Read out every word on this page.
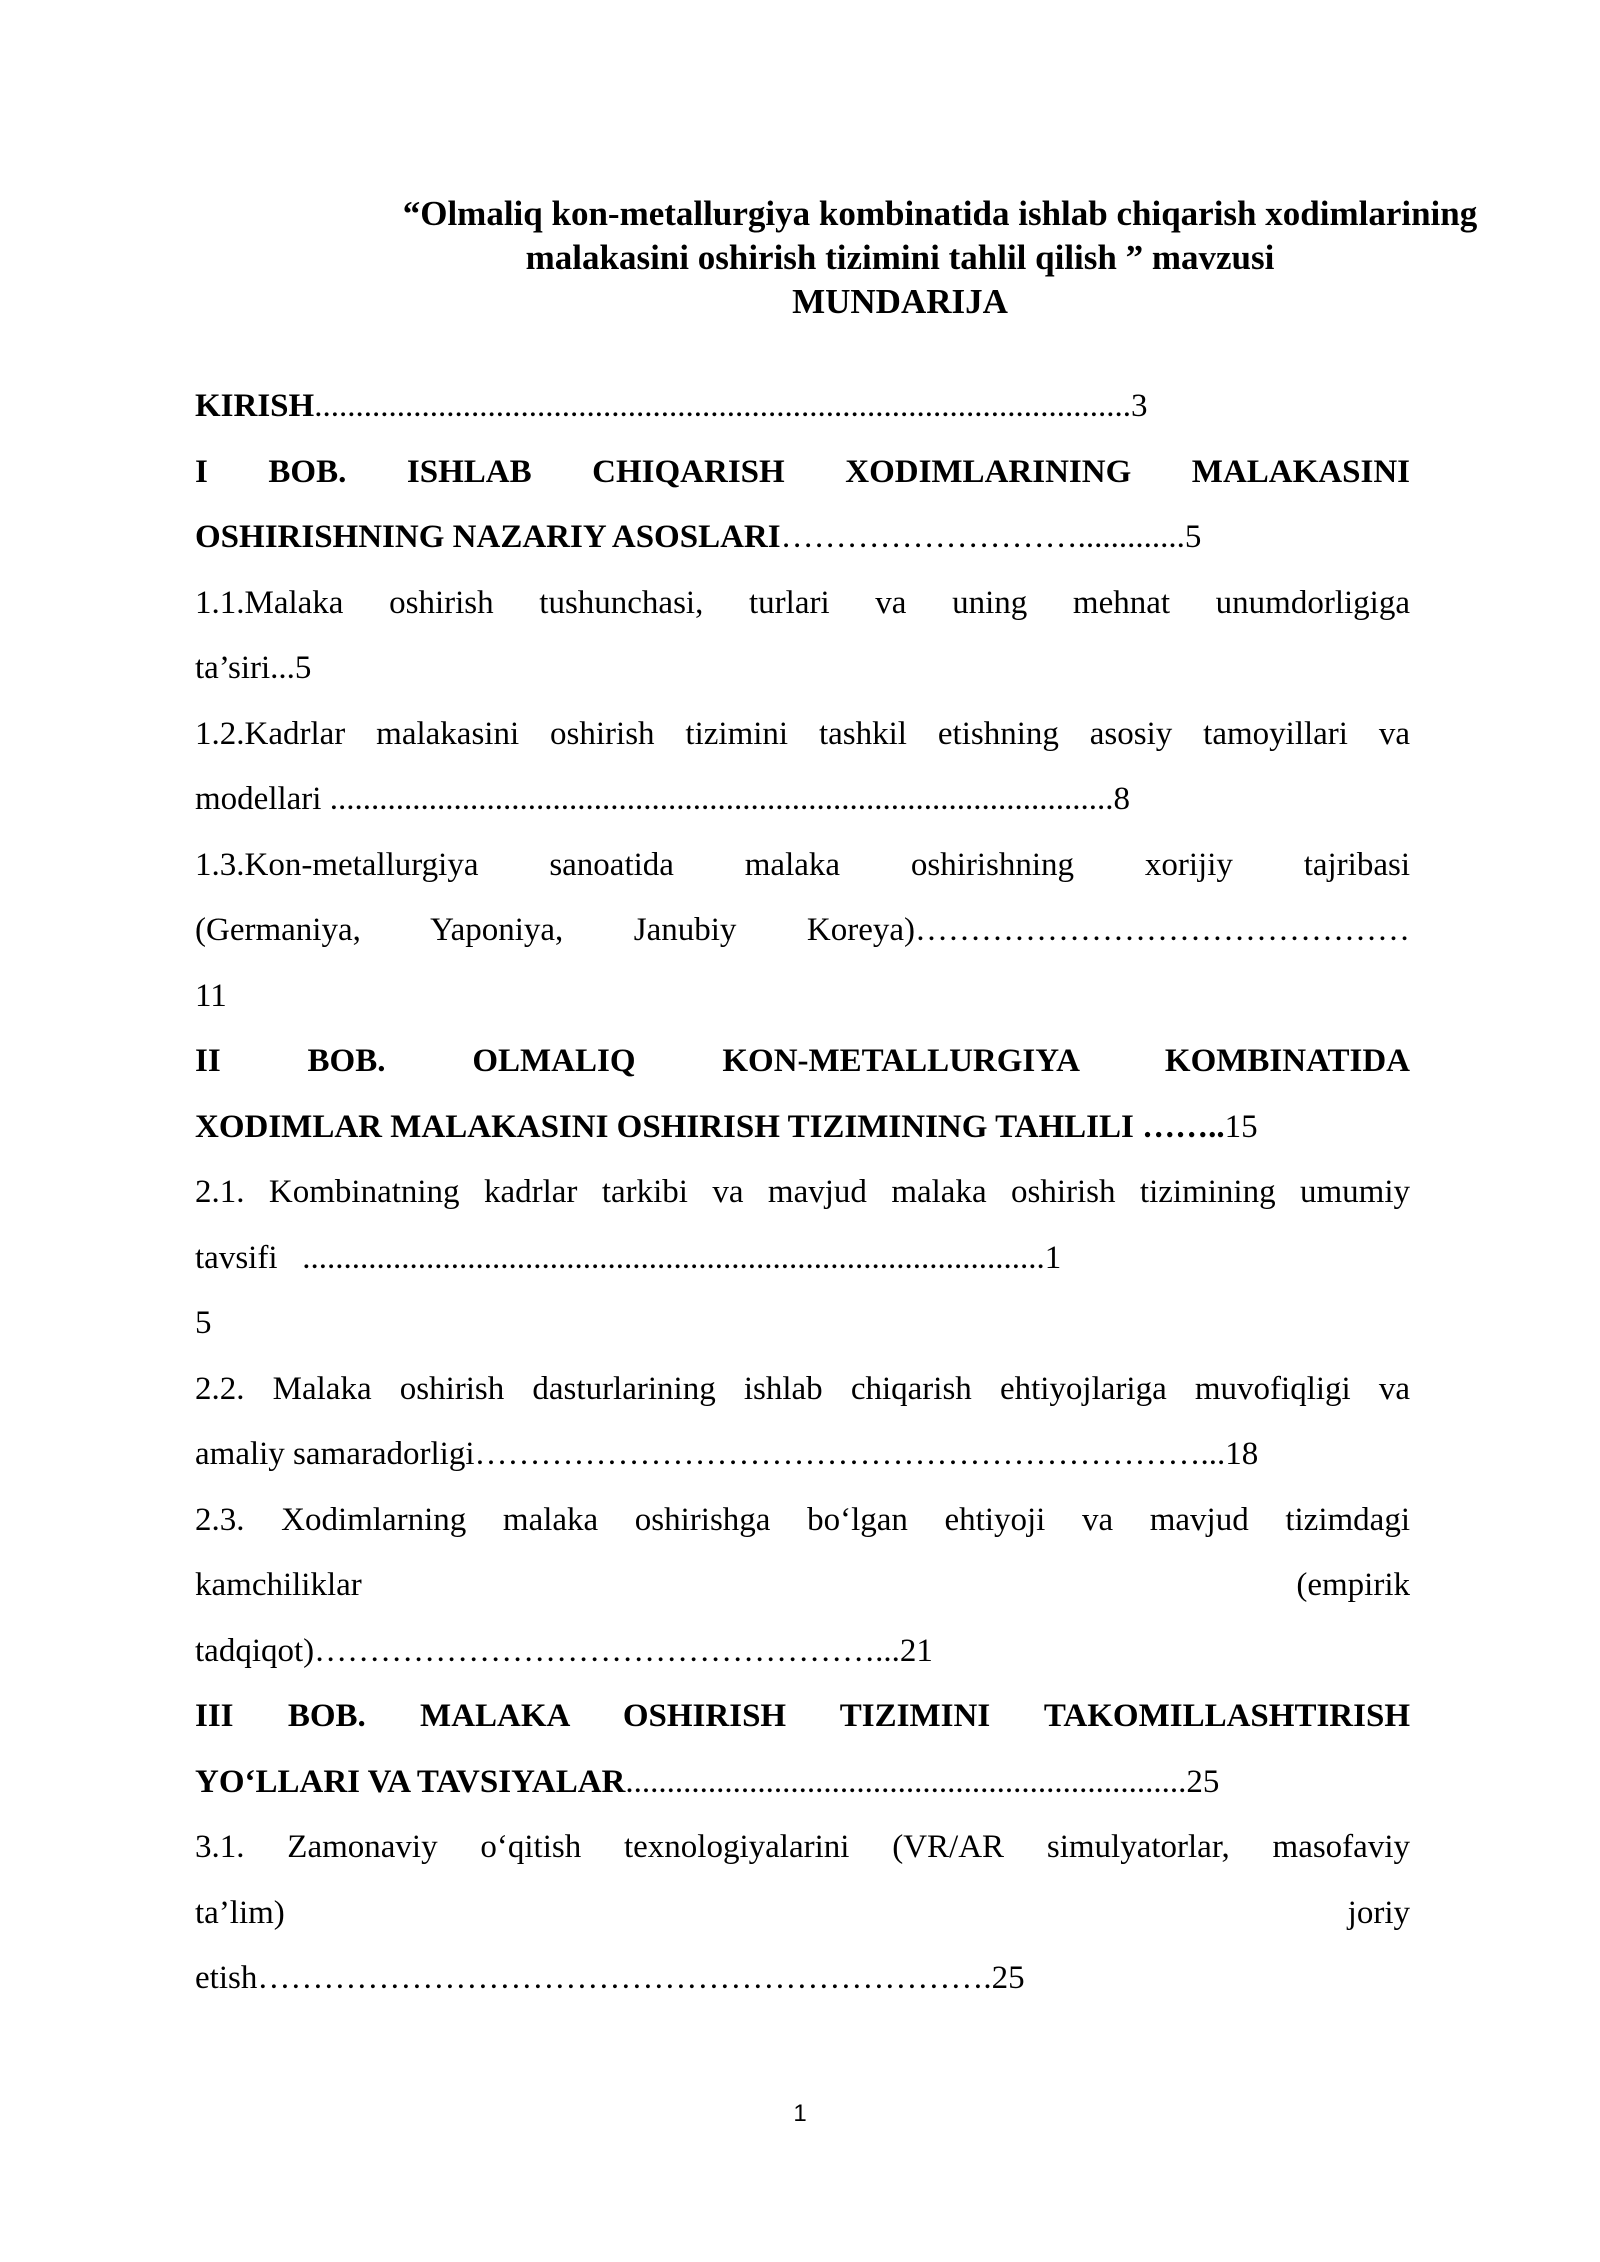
“Olmaliq kon-metallurgiya kombinatida ishlab chiqarish xodimlarining
malakasini oshirish tizimini tahlil qilish ” mavzusi
MUNDARIJA
KIRISH...................................................................................................3
I BOB. ISHLAB CHIQARISH XODIMLARINING MALAKASINI
OSHIRISHNING NAZARIY ASOSLARI……………………….............5
1.1.Malaka oshirish tushunchasi, turlari va uning mehnat unumdorligiga
ta’siri...5
1.2.Kadrlar malakasini oshirish tizimini tashkil etishning asosiy tamoyillari va
modellari ...............................................................................................8
1.3.Kon-metallurgiya sanoatida malaka oshirishning xorijiy tajribasi
(Germaniya, Yaponiya, Janubiy Koreya)………………………………………
11
II BOB. OLMALIQ KON-METALLURGIYA KOMBINATIDA
XODIMLAR MALAKASINI OSHIRISH TIZIMINING TAHLILI ……..15
2.1. Kombinatning kadrlar tarkibi va mavjud malaka oshirish tizimining umumiy
tavsifi ..........................................................................................1
5
2.2. Malaka oshirish dasturlarining ishlab chiqarish ehtiyojlariga muvofiqligi va
amaliy samaradorligi…………………………………………………………...18
2.3. Xodimlarning malaka oshirishga bo‘lgan ehtiyoji va mavjud tizimdagi
kamchiliklar	(empirik
tadqiqot)……………………………………………...21
III BOB. MALAKA OSHIRISH TIZIMINI TAKOMILLASHTIRISH
YO‘LLARI VA TAVSIYALAR....................................................................25
3.1. Zamonaviy o‘qitish texnologiyalarini (VR/AR simulyatorlar, masofaviy
ta’lim)	joriy
etish………………………………………………………….25
1
